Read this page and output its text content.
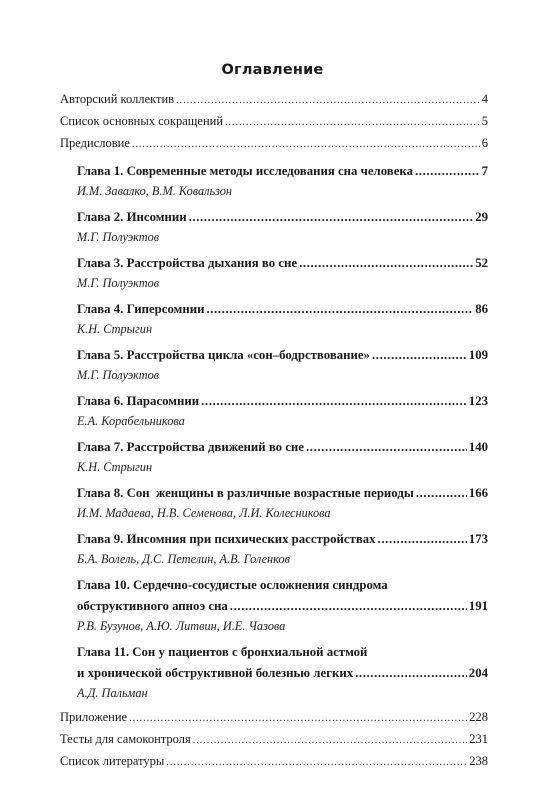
Оглавление
Авторский коллектив .....	4
Список основных сокращений .....	5
Предисловие .....	6
Глава 1. Современные методы исследования сна человека .....	7
И.М. Завалко, В.М. Ковальзон
Глава 2. Инсомнии .....	29
М.Г. Полуэктов
Глава 3. Расстройства дыхания во сне .....	52
М.Г. Полуэктов
Глава 4. Гиперсомнии .....	86
К.Н. Стрыгин
Глава 5. Расстройства цикла «сон–бодрствование» .....	109
М.Г. Полуэктов
Глава 6. Парасомнии .....	123
Е.А. Корабельникова
Глава 7. Расстройства движений во сне .....	140
К.Н. Стрыгин
Глава 8. Сон  женщины в различные возрастные периоды .....	166
И.М. Мадаева, Н.В. Семенова, Л.И. Колесникова
Глава 9. Инсомния при психических расстройствах .....	173
Б.А. Волель, Д.С. Петелин, А.В. Голенков
Глава 10. Сердечно-сосудистые осложнения синдрома
обструктивного апноэ сна .....	191
Р.В. Бузунов, А.Ю. Литвин, И.Е. Чазова
Глава 11. Сон у пациентов с бронхиальной астмой
и хронической обструктивной болезнью легких .....	204
А.Д. Пальман
Приложение .....	228
Тесты для самоконтроля .....	231
Список литературы .....	238
